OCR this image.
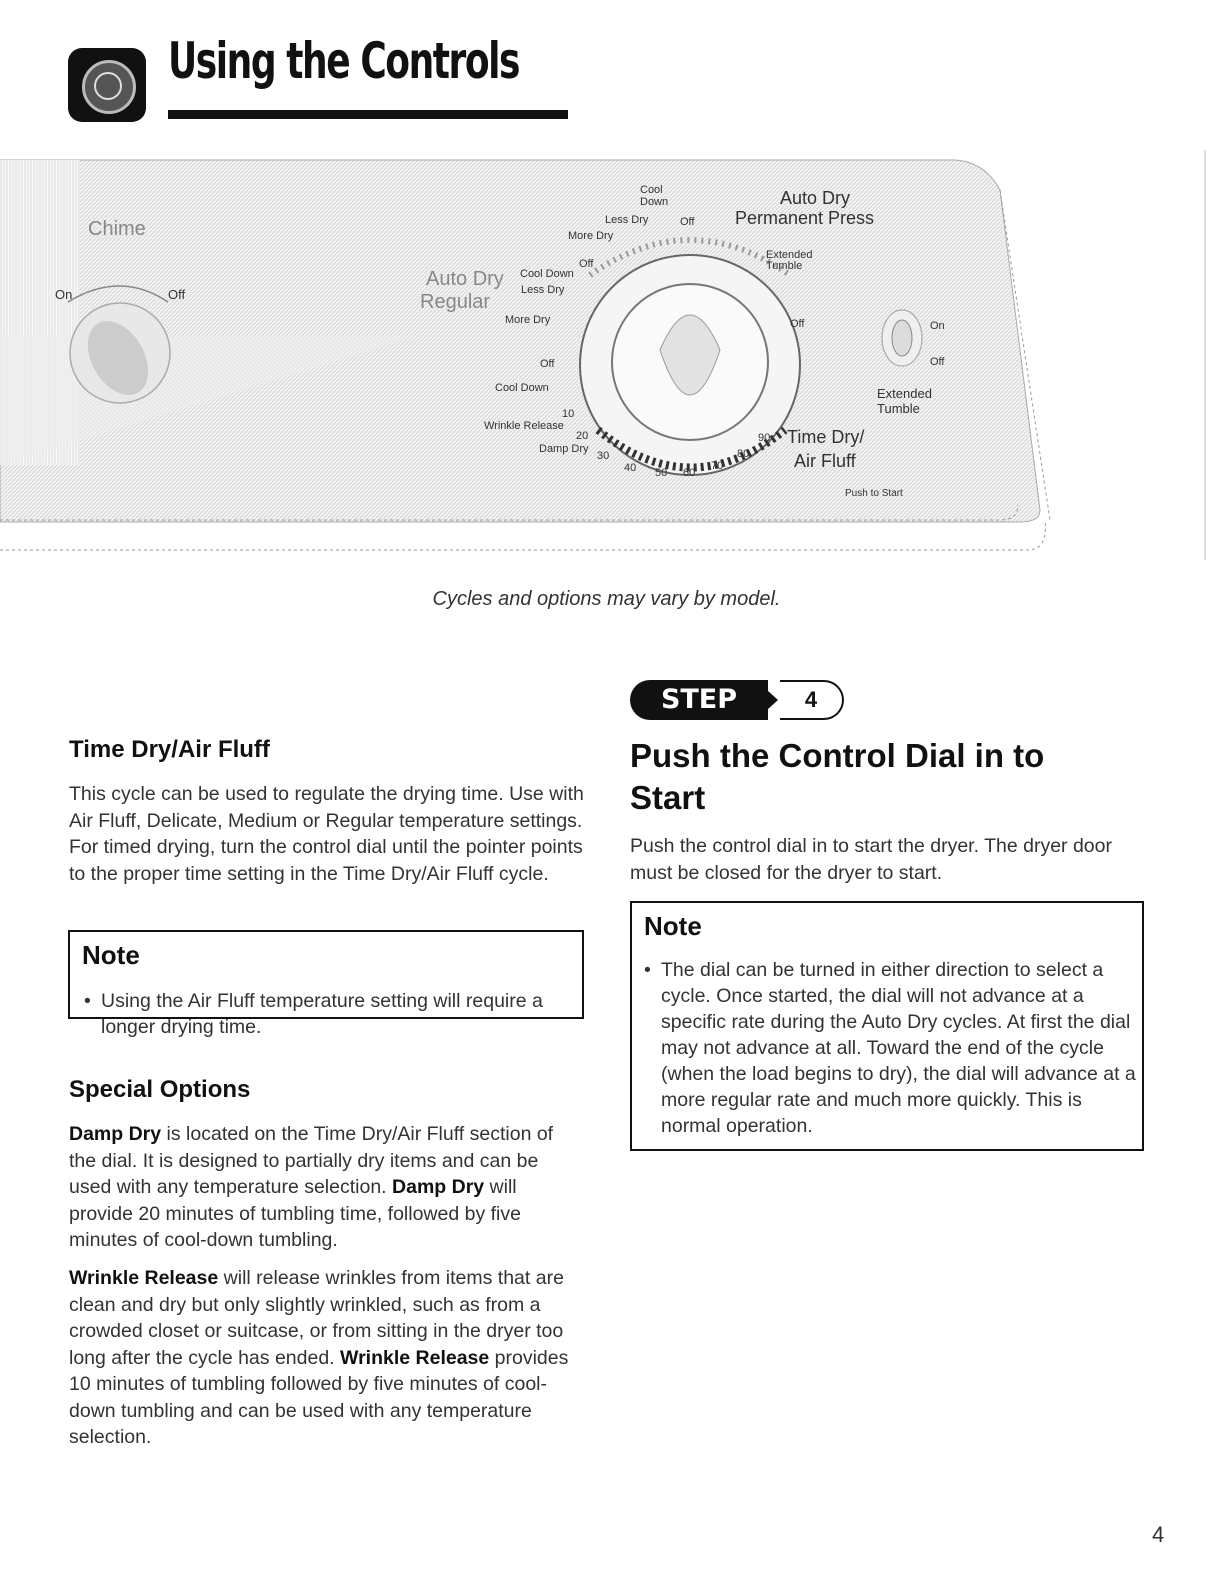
Using the Controls
Chime
On	Off
Auto Dry
Regular
Cool Down
Less Dry	Off
More Dry
Auto Dry
Permanent Press
Extended Tumble
Off
Off
Cool Down
Less Dry
More Dry
Off
Cool Down
Wrinkle Release
Damp Dry
10
20
30
40 50 60
70
80
90 Time Dry/
Air Fluff
Push to Start
On
Off
Extended Tumble
Cycles and options may vary by model.
Time Dry/Air Fluff

This cycle can be used to regulate the drying time. Use with Air Fluff, Delicate, Medium or Regular temperature settings. For timed drying, turn the control dial until the pointer points to the proper time setting in the Time Dry/Air Fluff cycle.

Note
• Using the Air Fluff temperature setting will require a longer drying time.
Special Options

Damp Dry is located on the Time Dry/Air Fluff section of the dial. It is designed to partially dry items and can be used with any temperature selection. Damp Dry will provide 20 minutes of tumbling time, followed by five minutes of cool-down tumbling.

Wrinkle Release will release wrinkles from items that are clean and dry but only slightly wrinkled, such as from a crowded closet or suitcase, or from sitting in the dryer too long after the cycle has ended. Wrinkle Release provides 10 minutes of tumbling followed by five minutes of cool-down tumbling and can be used with any temperature selection.

STEP	4
Push the Control Dial in to Start

Push the control dial in to start the dryer. The dryer door must be closed for the dryer to start.

Note
• The dial can be turned in either direction to select a cycle. Once started, the dial will not advance at a specific rate during the Auto Dry cycles. At first the dial may not advance at all. Toward the end of the cycle (when the load begins to dry), the dial will advance at a more regular rate and much more quickly. This is normal operation.
4
